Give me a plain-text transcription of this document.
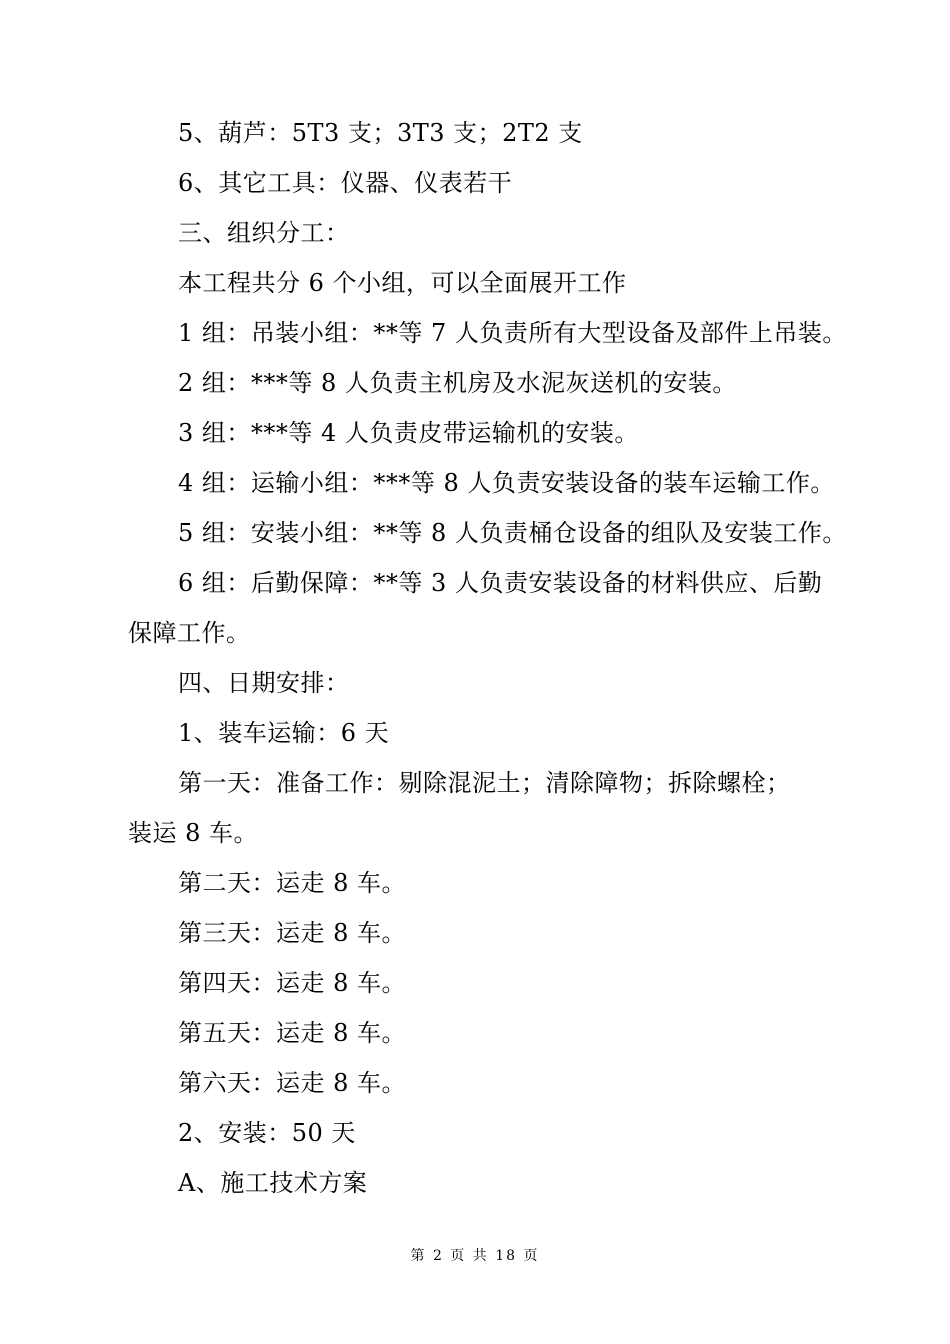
5、葫芦：5T3 支；3T3 支；2T2 支
6、其它工具：仪器、仪表若干
三、组织分工：
本工程共分 6 个小组，可以全面展开工作
1 组：吊装小组：**等 7 人负责所有大型设备及部件上吊装。
2 组：***等 8 人负责主机房及水泥灰送机的安装。
3 组：***等 4 人负责皮带运输机的安装。
4 组：运输小组：***等 8 人负责安装设备的装车运输工作。
5 组：安装小组：**等 8 人负责桶仓设备的组队及安装工作。
6 组：后勤保障：**等 3 人负责安装设备的材料供应、后勤
保障工作。
四、日期安排：
1、装车运输：6 天
第一天：准备工作：剔除混泥土；清除障物；拆除螺栓；
装运 8 车。
第二天：运走 8 车。
第三天：运走 8 车。
第四天：运走 8 车。
第五天：运走 8 车。
第六天：运走 8 车。
2、安装：50 天
A、施工技术方案
第 2 页 共 18 页
